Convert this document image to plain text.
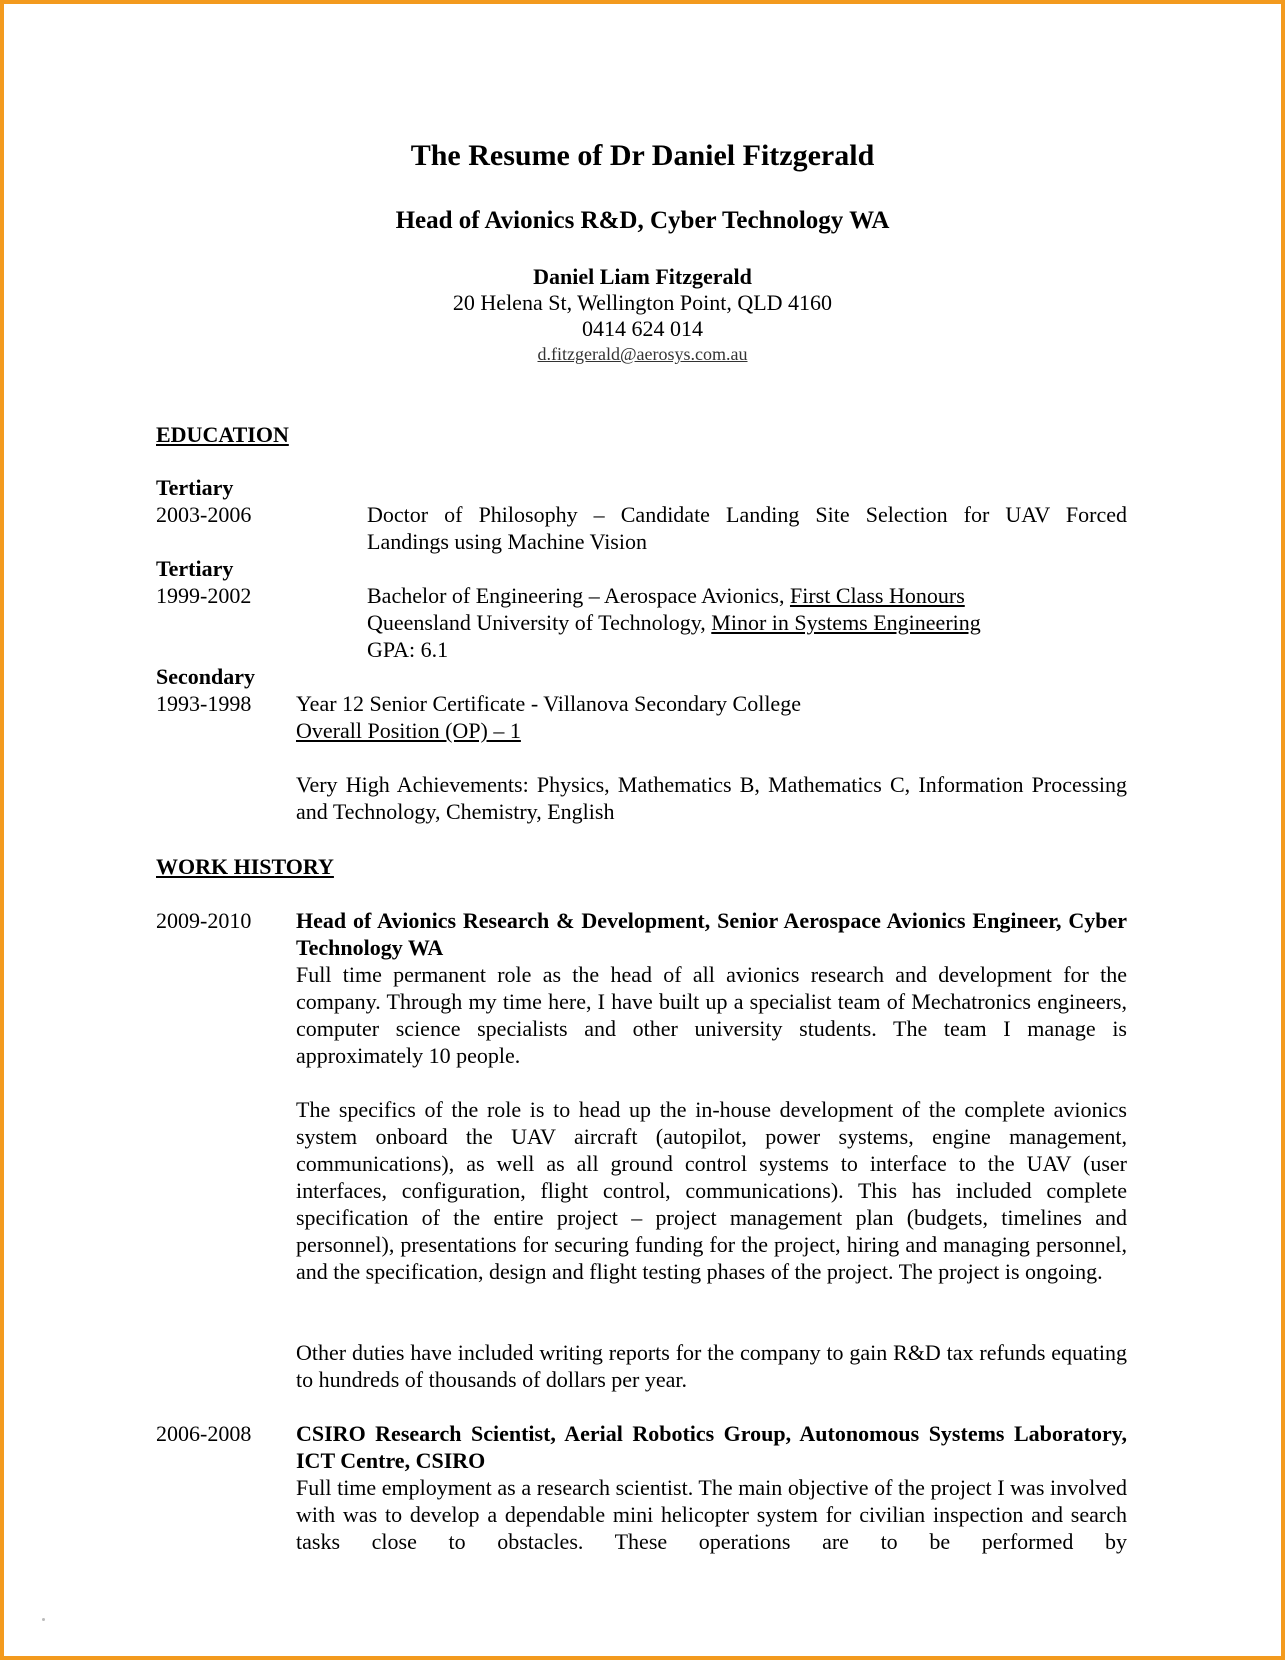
The Resume of Dr Daniel Fitzgerald
Head of Avionics R&D, Cyber Technology WA
Daniel Liam Fitzgerald
20 Helena St, Wellington Point, QLD 4160
0414 624 014
d.fitzgerald@aerosys.com.au
EDUCATION
Tertiary
2003-2006	Doctor of Philosophy – Candidate Landing Site Selection for UAV Forced
Landings using Machine Vision
Tertiary
1999-2002	Bachelor of Engineering – Aerospace Avionics, First Class Honours
Queensland University of Technology, Minor in Systems Engineering
GPA: 6.1
Secondary
1993-1998 Year 12 Senior Certificate - Villanova Secondary College
Overall Position (OP) – 1
Very High Achievements: Physics, Mathematics B, Mathematics C, Information Processing and Technology, Chemistry, English
WORK HISTORY
2009-2010 Head of Avionics Research & Development, Senior Aerospace Avionics Engineer, Cyber Technology WA
Full time permanent role as the head of all avionics research and development for the company. Through my time here, I have built up a specialist team of Mechatronics engineers, computer science specialists and other university students. The team I manage is approximately 10 people.
The specifics of the role is to head up the in-house development of the complete avionics system onboard the UAV aircraft (autopilot, power systems, engine management, communications), as well as all ground control systems to interface to the UAV (user interfaces, configuration, flight control, communications). This has included complete specification of the entire project – project management plan (budgets, timelines and personnel), presentations for securing funding for the project, hiring and managing personnel, and the specification, design and flight testing phases of the project. The project is ongoing.
Other duties have included writing reports for the company to gain R&D tax refunds equating to hundreds of thousands of dollars per year.
2006-2008 CSIRO Research Scientist, Aerial Robotics Group, Autonomous Systems Laboratory, ICT Centre, CSIRO
Full time employment as a research scientist. The main objective of the project I was involved with was to develop a dependable mini helicopter system for civilian inspection and search tasks close to obstacles. These operations are to be performed by
